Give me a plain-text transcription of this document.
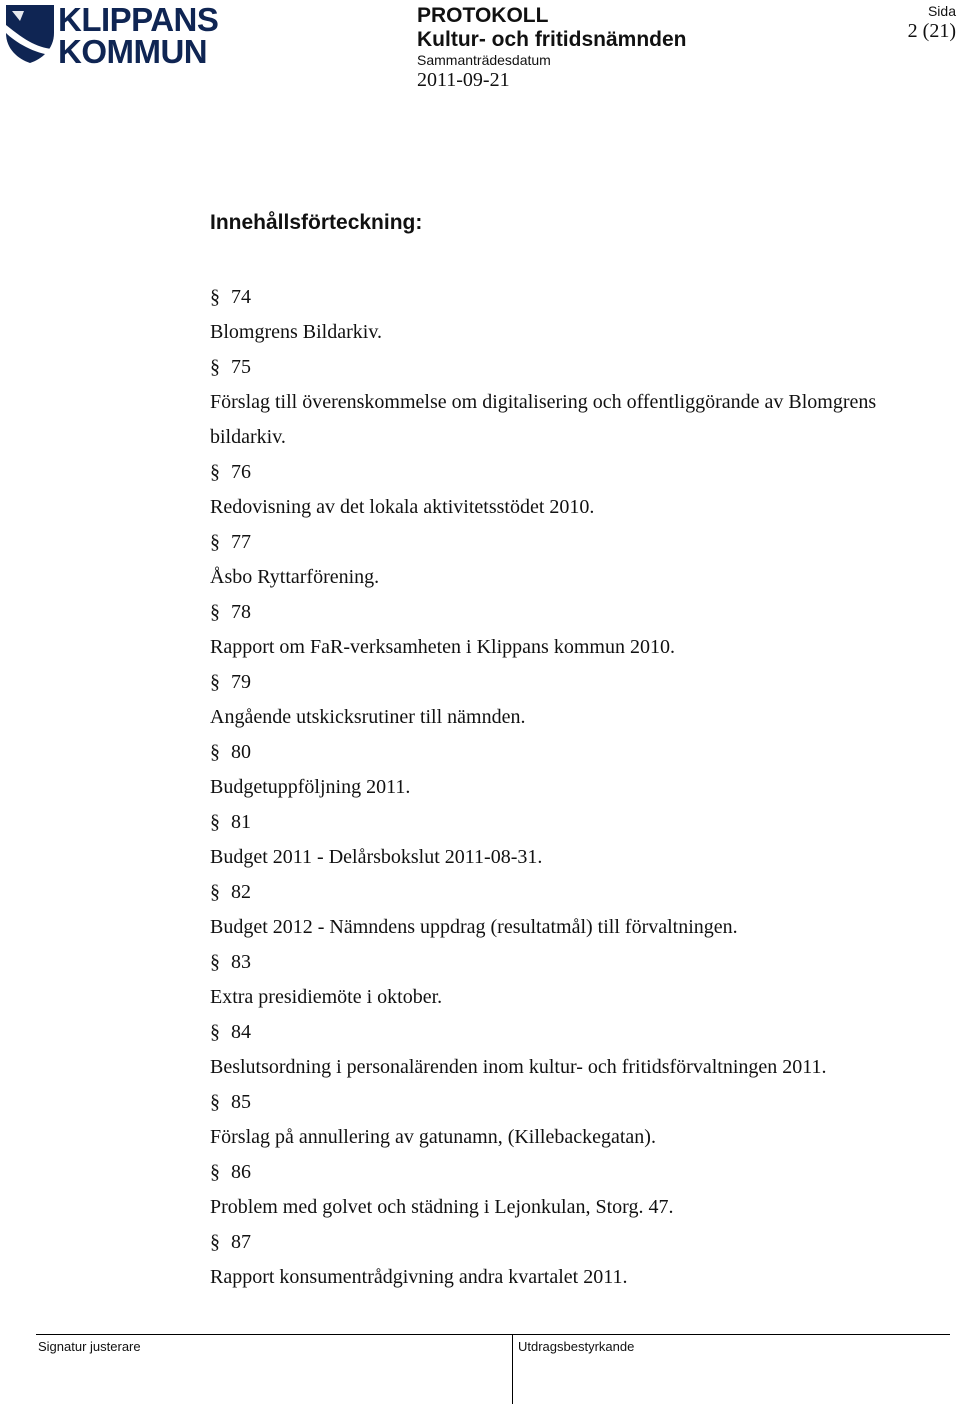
KLIPPANS
KOMMUN
PROTOKOLL
Kultur- och fritidsnämnden
Sammanträdesdatum
2011-09-21
Sida
2 (21)
Innehållsförteckning:
§ 74
Blomgrens Bildarkiv.
§ 75
Förslag till överenskommelse om digitalisering och offentliggörande av Blomgrens bildarkiv.
§ 76
Redovisning av det lokala aktivitetsstödet 2010.
§ 77
Åsbo Ryttarförening.
§ 78
Rapport om FaR-verksamheten i Klippans kommun 2010.
§ 79
Angående utskicksrutiner till nämnden.
§ 80
Budgetuppföljning 2011.
§ 81
Budget 2011 - Delårsbokslut 2011-08-31.
§ 82
Budget 2012 - Nämndens uppdrag (resultatmål) till förvaltningen.
§ 83
Extra presidiemöte i oktober.
§ 84
Beslutsordning i personalärenden inom kultur- och fritidsförvaltningen 2011.
§ 85
Förslag på annullering av gatunamn, (Killebackegatan).
§ 86
Problem med golvet och städning i Lejonkulan, Storg. 47.
§ 87
Rapport konsumentrådgivning andra kvartalet 2011.
Signatur justerare	Utdragsbestyrkande
